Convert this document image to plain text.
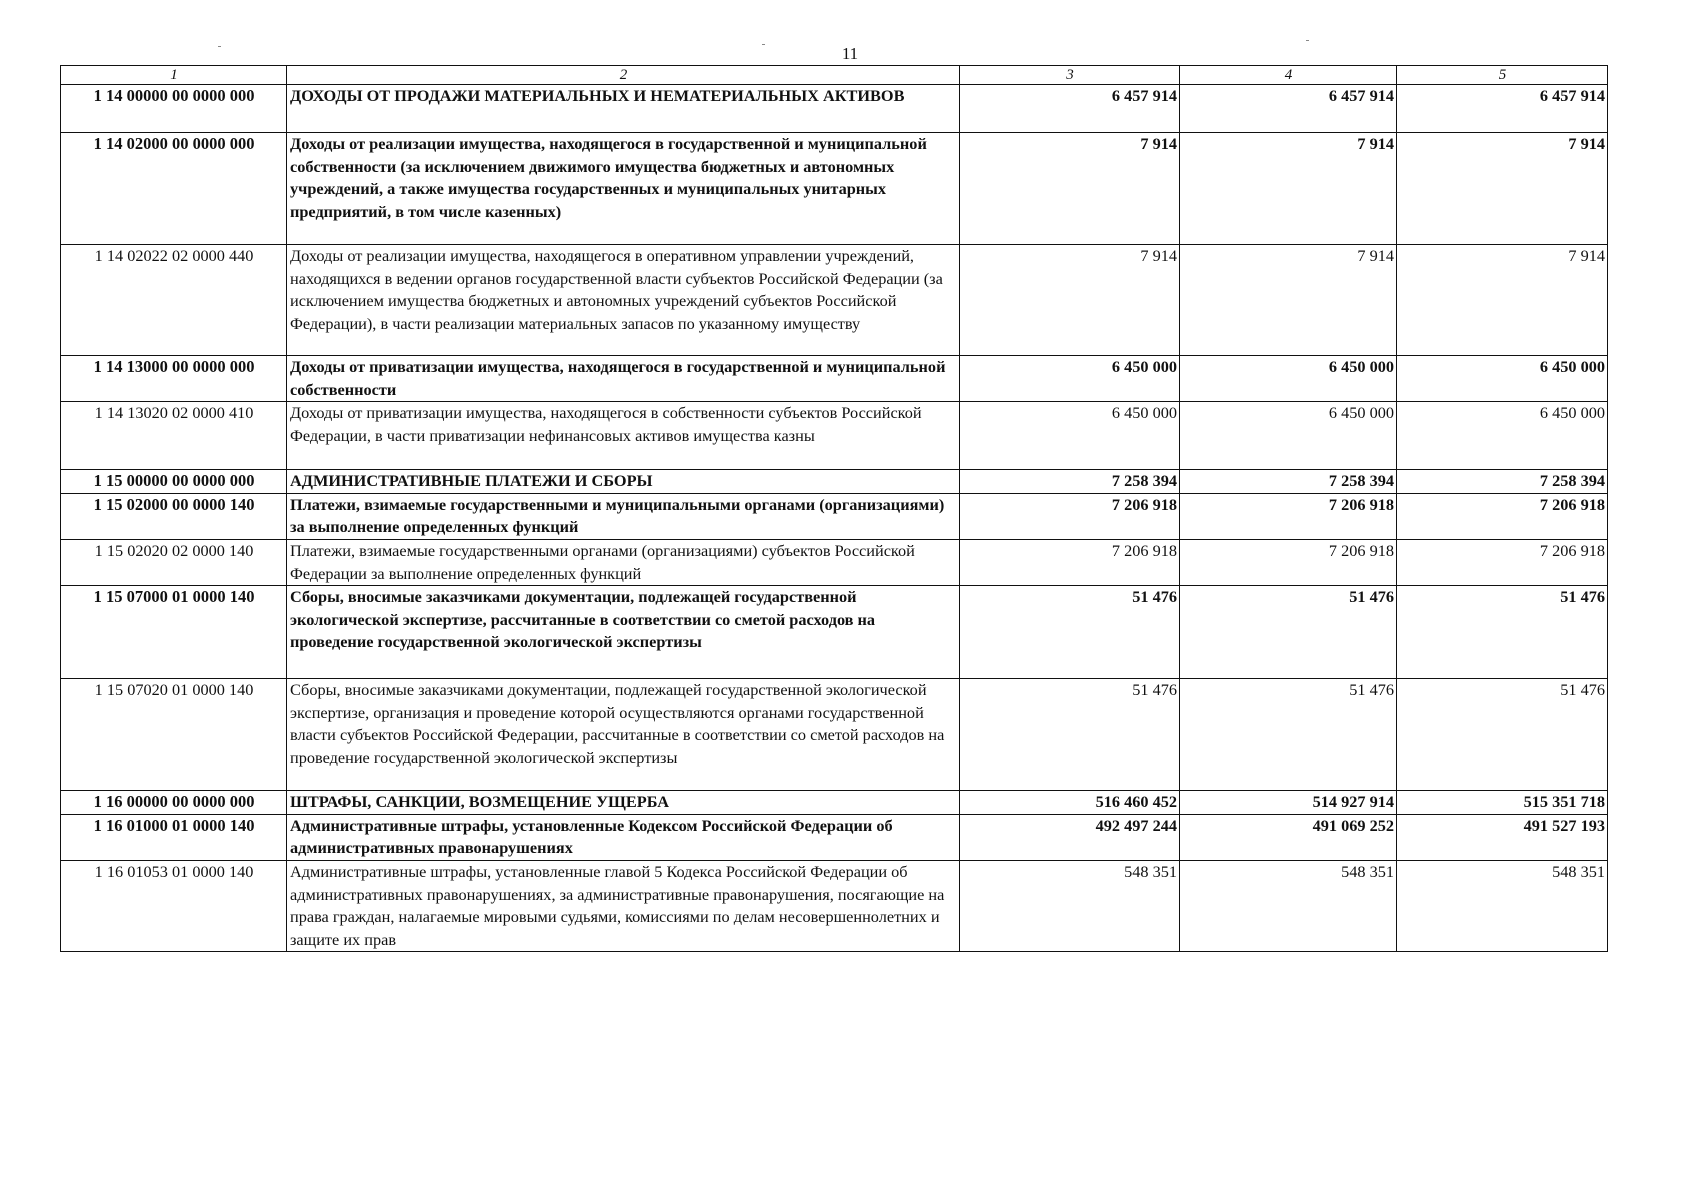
11
1	2	3	4	5
1 14 00000 00 0000 000	ДОХОДЫ ОТ ПРОДАЖИ МАТЕРИАЛЬНЫХ И НЕМАТЕРИАЛЬНЫХ АКТИВОВ	6 457 914	6 457 914	6 457 914
1 14 02000 00 0000 000	Доходы от реализации имущества, находящегося в государственной и муниципальной собственности (за исключением движимого имущества бюджетных и автономных учреждений, а также имущества государственных и муниципальных унитарных предприятий, в том числе казенных)	7 914	7 914	7 914
1 14 02022 02 0000 440	Доходы от реализации имущества, находящегося в оперативном управлении учреждений, находящихся в ведении органов государственной власти субъектов Российской Федерации (за исключением имущества бюджетных и автономных учреждений субъектов Российской Федерации), в части реализации материальных запасов по указанному имуществу	7 914	7 914	7 914
1 14 13000 00 0000 000	Доходы от приватизации имущества, находящегося в государственной и муниципальной собственности	6 450 000	6 450 000	6 450 000
1 14 13020 02 0000 410	Доходы от приватизации имущества, находящегося в собственности субъектов Российской Федерации, в части приватизации нефинансовых активов имущества казны	6 450 000	6 450 000	6 450 000
1 15 00000 00 0000 000	АДМИНИСТРАТИВНЫЕ ПЛАТЕЖИ И СБОРЫ	7 258 394	7 258 394	7 258 394
1 15 02000 00 0000 140	Платежи, взимаемые государственными и муниципальными органами (организациями) за выполнение определенных функций	7 206 918	7 206 918	7 206 918
1 15 02020 02 0000 140	Платежи, взимаемые государственными органами (организациями) субъектов Российской Федерации за выполнение определенных функций	7 206 918	7 206 918	7 206 918
1 15 07000 01 0000 140	Сборы, вносимые заказчиками документации, подлежащей государственной экологической экспертизе, рассчитанные в соответствии со сметой расходов на проведение государственной экологической экспертизы	51 476	51 476	51 476
1 15 07020 01 0000 140	Сборы, вносимые заказчиками документации, подлежащей государственной экологической экспертизе, организация и проведение которой осуществляются органами государственной власти субъектов Российской Федерации, рассчитанные в соответствии со сметой расходов на проведение государственной экологической экспертизы	51 476	51 476	51 476
1 16 00000 00 0000 000	ШТРАФЫ, САНКЦИИ, ВОЗМЕЩЕНИЕ УЩЕРБА	516 460 452	514 927 914	515 351 718
1 16 01000 01 0000 140	Административные штрафы, установленные Кодексом Российской Федерации об административных правонарушениях	492 497 244	491 069 252	491 527 193
1 16 01053 01 0000 140	Административные штрафы, установленные главой 5 Кодекса Российской Федерации об административных правонарушениях, за административные правонарушения, посягающие на права граждан, налагаемые мировыми судьями, комиссиями по делам несовершеннолетних и защите их прав	548 351	548 351	548 351
